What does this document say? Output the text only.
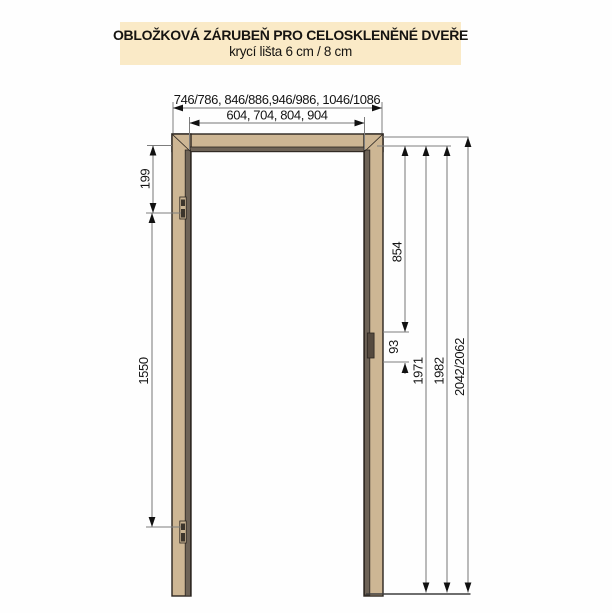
OBLOŽKOVÁ ZÁRUBEŇ PRO CELOSKLENĚNÉ DVEŘE
krycí lišta 6 cm / 8 cm
746/786, 846/886,946/986, 1046/1086
604, 704, 804, 904
199
1550
854
93
1971 1982 2042/2062
